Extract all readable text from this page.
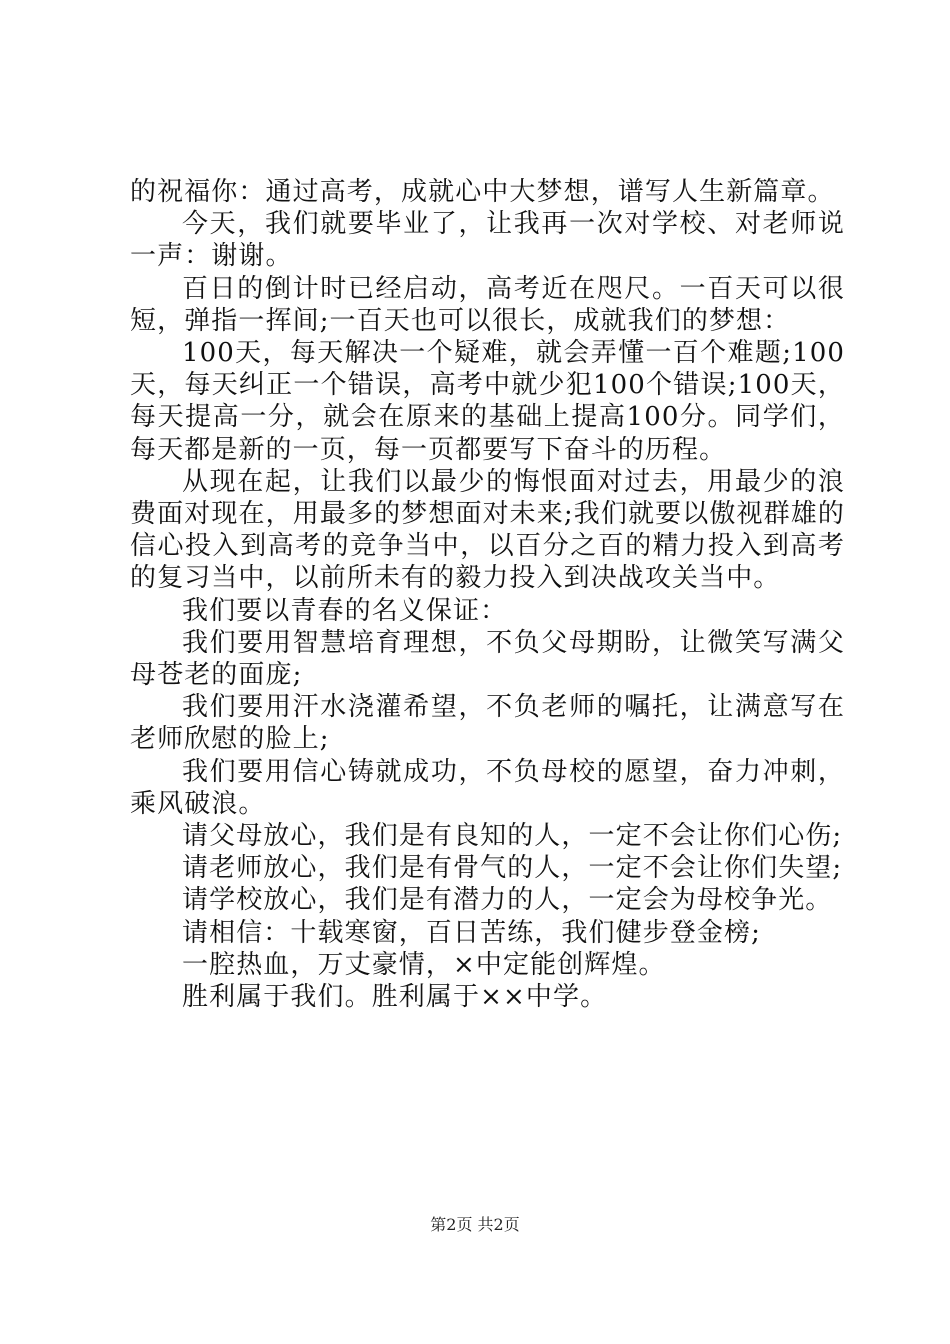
的祝福你：通过高考，成就心中大梦想，谱写人生新篇章。

今天，我们就要毕业了，让我再一次对学校、对老师说一声：谢谢。

百日的倒计时已经启动，高考近在咫尺。一百天可以很短，弹指一挥间;一百天也可以很长，成就我们的梦想：

100天，每天解决一个疑难，就会弄懂一百个难题;100天，每天纠正一个错误，高考中就少犯100个错误;100天，每天提高一分，就会在原来的基础上提高100分。同学们，每天都是新的一页，每一页都要写下奋斗的历程。

从现在起，让我们以最少的悔恨面对过去，用最少的浪费面对现在，用最多的梦想面对未来;我们就要以傲视群雄的信心投入到高考的竞争当中，以百分之百的精力投入到高考的复习当中，以前所未有的毅力投入到决战攻关当中。

我们要以青春的名义保证：

我们要用智慧培育理想，不负父母期盼，让微笑写满父母苍老的面庞;

我们要用汗水浇灌希望，不负老师的嘱托，让满意写在老师欣慰的脸上;

我们要用信心铸就成功，不负母校的愿望，奋力冲刺，乘风破浪。

请父母放心，我们是有良知的人，一定不会让你们心伤;

请老师放心，我们是有骨气的人，一定不会让你们失望;

请学校放心，我们是有潜力的人，一定会为母校争光。

请相信：十载寒窗，百日苦练，我们健步登金榜;

一腔热血，万丈豪情，×中定能创辉煌。

胜利属于我们。胜利属于××中学。

第2页 共2页
